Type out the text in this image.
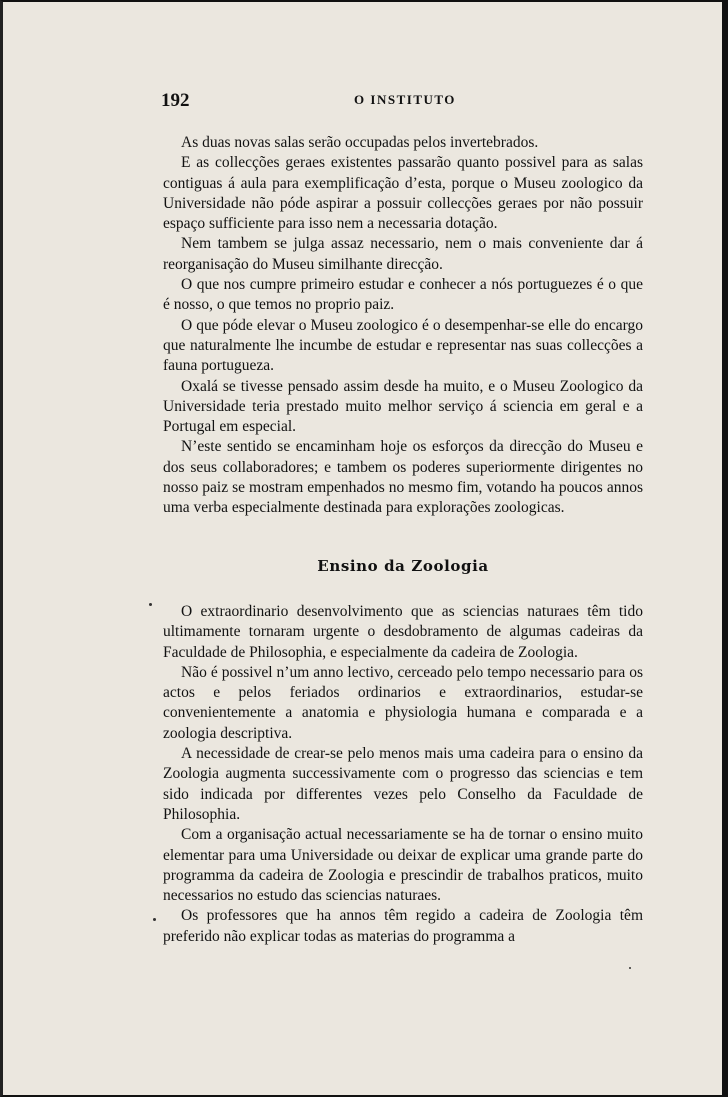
192	O INSTITUTO

As duas novas salas serão occupadas pelos invertebrados.

E as collecções geraes existentes passarão quanto possivel para as salas contiguas á aula para exemplificação d’esta, porque o Museu zoologico da Universidade não póde aspirar a possuir collecções geraes por não possuir espaço sufficiente para isso nem a necessaria dotação.

Nem tambem se julga assaz necessario, nem o mais conveniente dar á reorganisação do Museu similhante direcção.

O que nos cumpre primeiro estudar e conhecer a nós portuguezes é o que é nosso, o que temos no proprio paiz.

O que póde elevar o Museu zoologico é o desempenhar-se elle do encargo que naturalmente lhe incumbe de estudar e representar nas suas collecções a fauna portugueza.

Oxalá se tivesse pensado assim desde ha muito, e o Museu Zoologico da Universidade teria prestado muito melhor serviço á sciencia em geral e a Portugal em especial.

N’este sentido se encaminham hoje os esforços da direcção do Museu e dos seus collaboradores; e tambem os poderes superiormente dirigentes no nosso paiz se mostram empenhados no mesmo fim, votando ha poucos annos uma verba especialmente destinada para explorações zoologicas.

Ensino da Zoologia

O extraordinario desenvolvimento que as sciencias naturaes têm tido ultimamente tornaram urgente o desdobramento de algumas cadeiras da Faculdade de Philosophia, e especialmente da cadeira de Zoologia.

Não é possivel n’um anno lectivo, cerceado pelo tempo necessario para os actos e pelos feriados ordinarios e extraordinarios, estudar-se convenientemente a anatomia e physiologia humana e comparada e a zoologia descriptiva.

A necessidade de crear-se pelo menos mais uma cadeira para o ensino da Zoologia augmenta successivamente com o progresso das sciencias e tem sido indicada por differentes vezes pelo Conselho da Faculdade de Philosophia.

Com a organisação actual necessariamente se ha de tornar o ensino muito elementar para uma Universidade ou deixar de explicar uma grande parte do programma da cadeira de Zoologia e prescindir de trabalhos praticos, muito necessarios no estudo das sciencias naturaes.

Os professores que ha annos têm regido a cadeira de Zoologia têm preferido não explicar todas as materias do programma a
